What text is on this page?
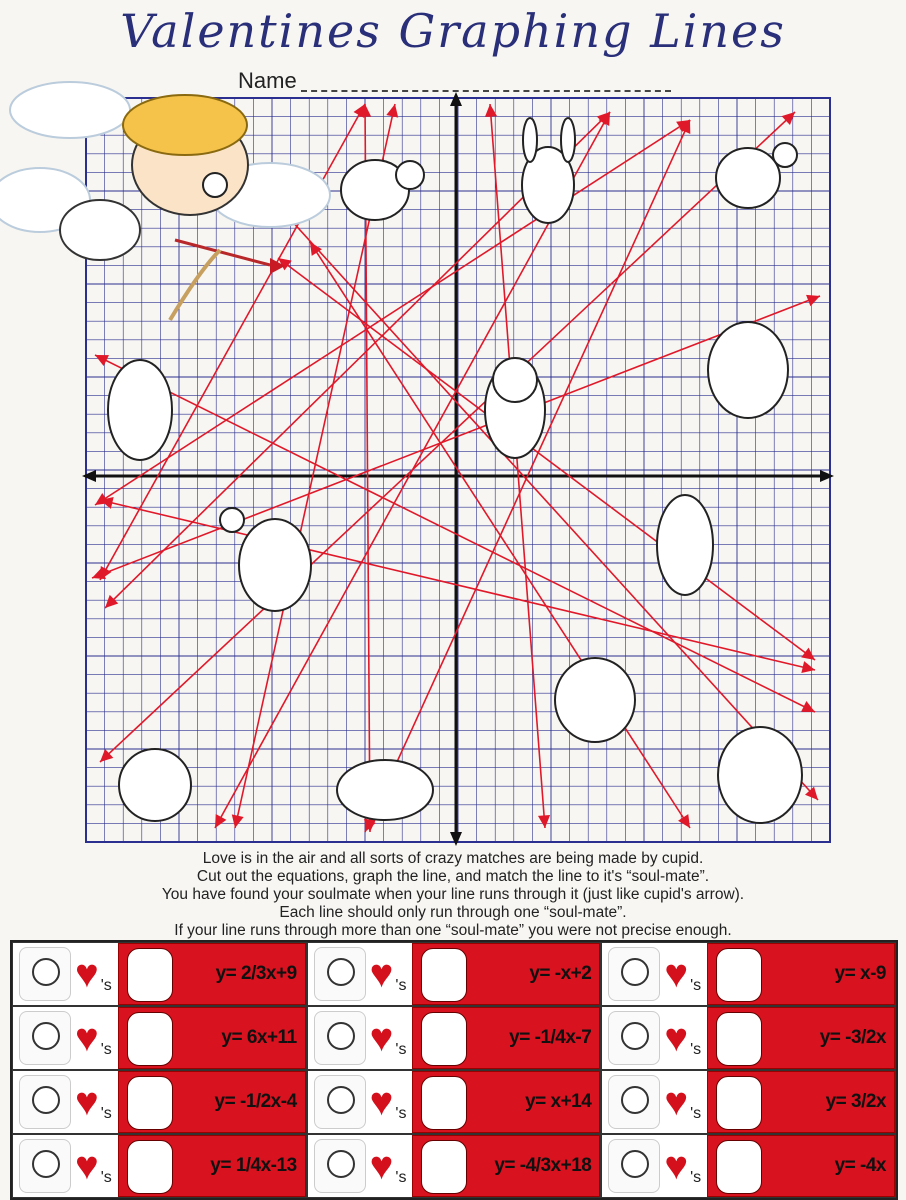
Valentines Graphing Lines
Name
Love is in the air and all sorts of crazy matches are being made by cupid.
Cut out the equations, graph the line, and match the line to it's “soul-mate”.
You have found your soulmate when your line runs through it (just like cupid's arrow).
Each line should only run through one “soul-mate”.
If your line runs through more than one “soul-mate” you were not precise enough.
♥ 's
y= 2/3x+9 ♥ 's
y= -x+2 ♥ 's
y= x-9
♥ 's
y= 6x+11 ♥ 's
y= -1/4x-7 ♥ 's
y= -3/2x
♥ 's
y= -1/2x-4 ♥ 's
y= x+14 ♥ 's
y= 3/2x
♥ 's
y= 1/4x-13 ♥ 's
y= -4/3x+18 ♥ 's
y= -4x
